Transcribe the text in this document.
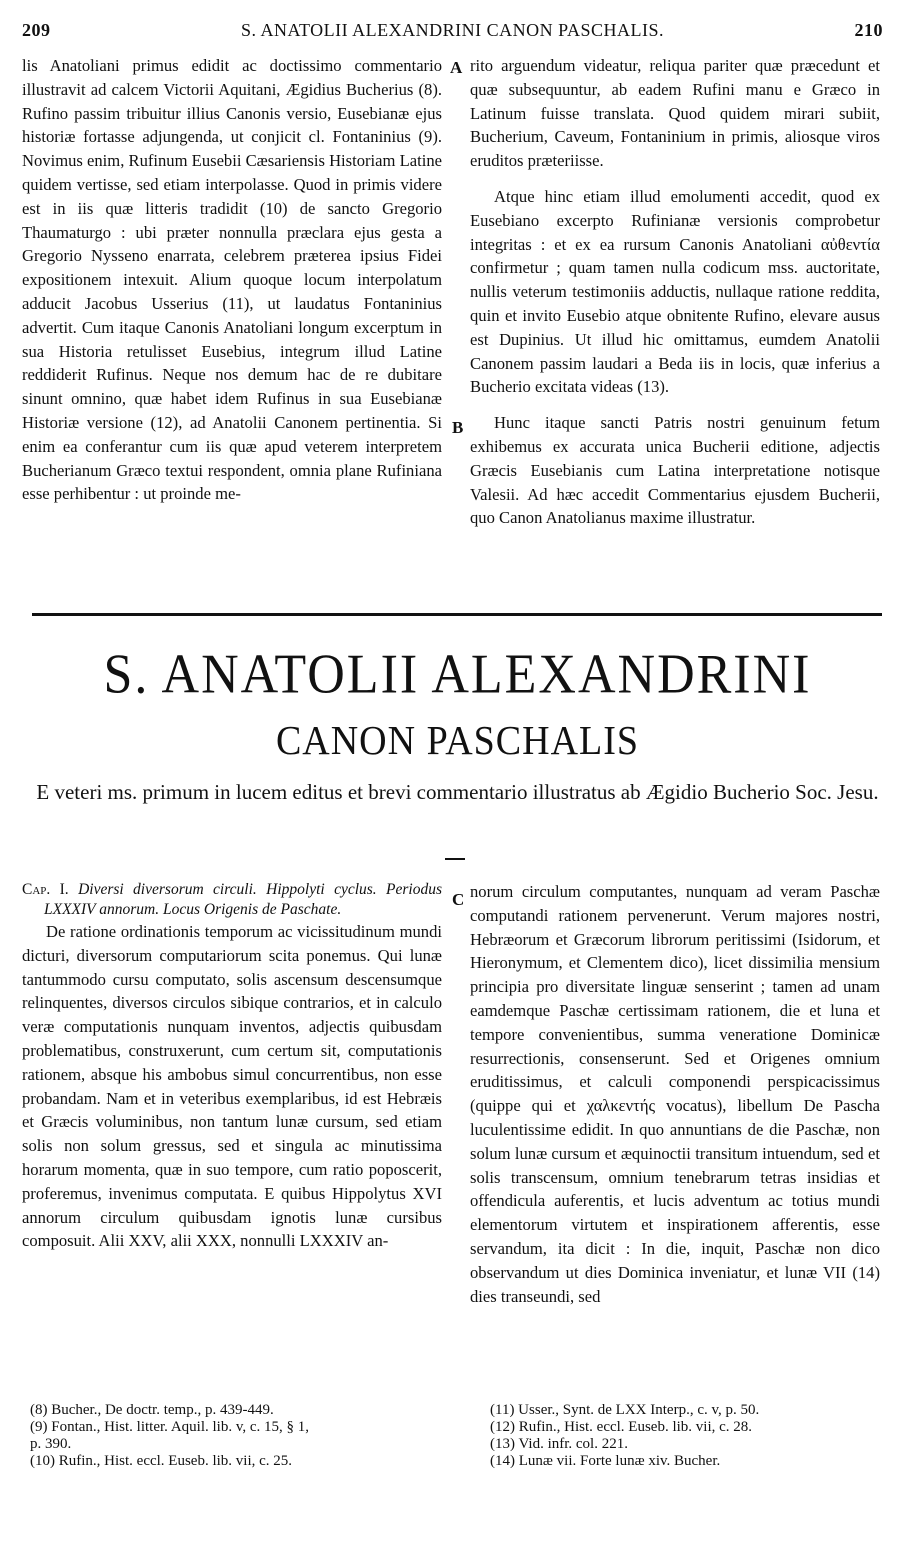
209	S. ANATOLII ALEXANDRINI CANON PASCHALIS.	210

lis Anatoliani primus edidit ac doctissimo commentario illustravit ad calcem Victorii Aquitani, Ægidius Bucherius (8). Rufino passim tribuitur illius Canonis versio, Eusebianæ ejus historiæ fortasse adjungenda, ut conjicit cl. Fontaninius (9). Novimus enim, Rufinum Eusebii Cæsariensis Historiam Latine quidem vertisse, sed etiam interpolasse. Quod in primis videre est in iis quæ litteris tradidit (10) de sancto Gregorio Thaumaturgo : ubi præter nonnulla præclara ejus gesta a Gregorio Nysseno enarrata, celebrem præterea ipsius Fidei expositionem intexuit. Alium quoque locum interpolatum adducit Jacobus Usserius (11), ut laudatus Fontaninius advertit. Cum itaque Canonis Anatoliani longum excerptum in sua Historia retulisset Eusebius, integrum illud Latine reddiderit Rufinus. Neque nos demum hac de re dubitare sinunt omnino, quæ habet idem Rufinus in sua Eusebianæ Historiæ versione (12), ad Anatolii Canonem pertinentia. Si enim ea conferantur cum iis quæ apud veterem interpretem Bucherianum Græco textui respondent, omnia plane Rufiniana esse perhibentur : ut proinde me-

A
B

rito arguendum videatur, reliqua pariter quæ præcedunt et quæ subsequuntur, ab eadem Rufini manu e Græco in Latinum fuisse translata. Quod quidem mirari subiit, Bucherium, Caveum, Fontaninium in primis, aliosque viros eruditos præteriisse.

Atque hinc etiam illud emolumenti accedit, quod ex Eusebiano excerpto Rufinianæ versionis comprobetur integritas : et ex ea rursum Canonis Anatoliani αὐθεντία confirmetur ; quam tamen nulla codicum mss. auctoritate, nullis veterum testimoniis adductis, nullaque ratione reddita, quin et invito Eusebio atque obnitente Rufino, elevare ausus est Dupinius. Ut illud hic omittamus, eumdem Anatolii Canonem passim laudari a Beda iis in locis, quæ inferius a Bucherio excitata videas (13).

Hunc itaque sancti Patris nostri genuinum fetum exhibemus ex accurata unica Bucherii editione, adjectis Græcis Eusebianis cum Latina interpretatione notisque Valesii. Ad hæc accedit Commentarius ejusdem Bucherii, quo Canon Anatolianus maxime illustratur.

S. ANATOLII ALEXANDRINI
CANON PASCHALIS
E veteri ms. primum in lucem editus et brevi commentario illustratus ab Ægidio Bucherio Soc. Jesu.

Cap. I. Diversi diversorum circuli. Hippolyti cyclus. Periodus LXXXIV annorum. Locus Origenis de Paschate.

De ratione ordinationis temporum ac vicissitudinum mundi dicturi, diversorum computariorum scita ponemus. Qui lunæ tantummodo cursu computato, solis ascensum descensumque relinquentes, diversos circulos sibique contrarios, et in calculo veræ computationis nunquam inventos, adjectis quibusdam problematibus, construxerunt, cum certum sit, computationis rationem, absque his ambobus simul concurrentibus, non esse probandam. Nam et in veteribus exemplaribus, id est Hebræis et Græcis voluminibus, non tantum lunæ cursum, sed etiam solis non solum gressus, sed et singula ac minutissima horarum momenta, quæ in suo tempore, cum ratio poposcerit, proferemus, invenimus computata. E quibus Hippolytus XVI annorum circulum quibusdam ignotis lunæ cursibus composuit. Alii XXV, alii XXX, nonnulli LXXXIV an-

C norum circulum computantes, nunquam ad veram Paschæ computandi rationem pervenerunt. Verum majores nostri, Hebræorum et Græcorum librorum peritissimi (Isidorum, et Hieronymum, et Clementem dico), licet dissimilia mensium principia pro diversitate linguæ senserint ; tamen ad unam eamdemque Paschæ certissimam rationem, die et luna et tempore convenientibus, summa veneratione Dominicæ resurrectionis, consenserunt. Sed et Origenes omnium eruditissimus, et calculi componendi perspicacissimus (quippe qui et χαλκεντής vocatus), libellum De Pascha luculentissime edidit. In quo annuntians de die Paschæ, non solum lunæ cursum et æquinoctii transitum intuendum, sed et solis transcensum, omnium tenebrarum tetras insidias et offendicula auferentis, et lucis adventum ac totius mundi elementorum virtutem et inspirationem afferentis, esse servandum, ita dicit : In die, inquit, Paschæ non dico observandum ut dies Dominica inveniatur, et lunæ VII (14) dies transeundi, sed

(8) Bucher., De doctr. temp., p. 439-449.
(9) Fontan., Hist. litter. Aquil. lib. v, c. 15, § 1,
p. 390.
(10) Rufin., Hist. eccl. Euseb. lib. vii, c. 25.
(11) Usser., Synt. de LXX Interp., c. v, p. 50.
(12) Rufin., Hist. eccl. Euseb. lib. vii, c. 28.
(13) Vid. infr. col. 221.
(14) Lunæ vii. Forte lunæ xiv. Bucher.
